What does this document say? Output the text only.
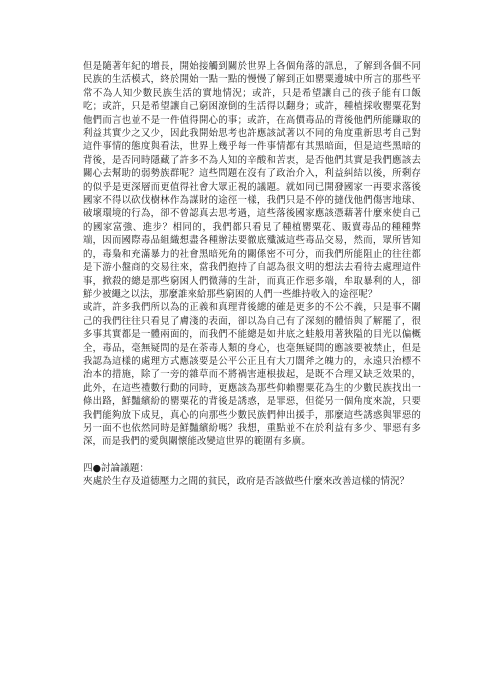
但是隨著年紀的增長，開始接觸到關於世界上各個角落的訊息，了解到各個不同民族的生活模式，終於開始一點一點的慢慢了解到正如罌粟邊城中所言的那些平常不為人知少數民族生活的實地情況；或許，只是希望讓自己的孩子能有口飯吃；或許，只是希望讓自己窮困潦倒的生活得以翻身；或許，種植採收罌粟花對他們而言也並不是一件值得開心的事；或許，在高價毒品的背後他們所能賺取的利益其實少之又少，因此我開始思考也許應該試著以不同的角度重新思考自己對這件事情的態度與看法，世界上幾乎每一件事情都有其黑暗面，但是這些黑暗的背後，是否同時隱藏了許多不為人知的辛酸和苦衷，是否他們其實是我們應該去關心去幫助的弱勢族群呢？這些問題在沒有了政治介入，利益糾結以後，所剩存的似乎是更深層而更值得社會大眾正視的議題。就如同已開發國家一再要求落後國家不得以砍伐樹林作為謀財的途徑一樣，我們只是不停的撻伐他們傷害地球、破壞環境的行為，卻不曾認真去思考過，這些落後國家應該憑藉著什麼來使自己的國家富強、進步？相同的，我們都只看見了種植罌粟花、販賣毒品的種種弊端，因而國際毒品組織想盡各種辦法要徹底殲滅這些毒品交易，然而，眾所皆知的，毒梟和充滿暴力的社會黑暗死角的關係密不可分，而我們所能阻止的往往都是下游小盤商的交易往來，當我們抱持了自認為很文明的想法去看待去處理這件事，掀殺的總是那些窮困人們微薄的生計，而真正作惡多端，牟取暴利的人，卻鮮少被繩之以法，那麼誰來給那些窮困的人們一些維持收入的途徑呢？

或許，許多我們所以為的正義和真理背後總的確是更多的不公不義，只是事不關己的我們往往只看見了膚淺的表面，卻以為自己有了深刻的體悟與了解罷了，很多事其實都是一體兩面的，而我們不能總是如井底之蛙般用著狹隘的目光以偏概全，毒品，毫無疑問的是在荼毒人類的身心，也毫無疑問的應該要被禁止，但是我認為這樣的處理方式應該要是公平公正且有大刀闊斧之魄力的，永遠只治標不治本的措施，除了一旁的雜草而不將禍害連根拔起，是既不合理又缺乏效果的，此外，在這些禮數行動的同時，更應該為那些仰賴罌粟花為生的少數民族找出一條出路，鮮豔繽紛的罌粟花的背後是誘惑，是罪惡，但從另一個角度來說，只要我們能夠放下成見，真心的向那些少數民族們伸出援手，那麼這些誘惑與罪惡的另一面不也依然同時是鮮豔繽紛嗎？我想，重點並不在於利益有多少、罪惡有多深，而是我們的愛與關懷能改變這世界的範圍有多廣。

四●討論議題：

夾處於生存及道德壓力之間的貧民，政府是否該做些什麼來改善這樣的情況？
